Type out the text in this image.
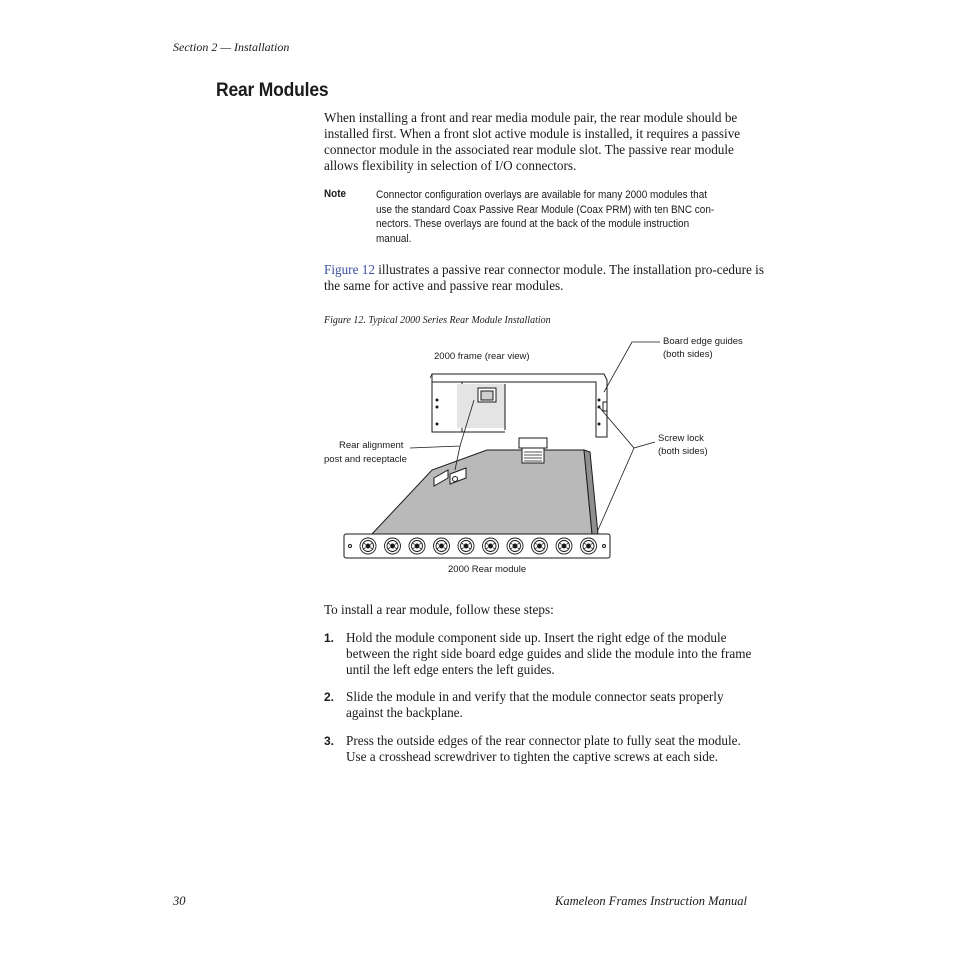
Section 2 — Installation
Rear Modules

When installing a front and rear media module pair, the rear module should be installed first. When a front slot active module is installed, it requires a passive connector module in the associated rear module slot. The passive rear module allows flexibility in selection of I/O connectors.

Note	Connector configuration overlays are available for many 2000 modules that use the standard Coax Passive Rear Module (Coax PRM) with ten BNC con-nectors. These overlays are found at the back of the module instruction manual.

Figure 12 illustrates a passive rear connector module. The installation pro-cedure is the same for active and passive rear modules.

Figure 12. Typical 2000 Series Rear Module Installation
2000 frame (rear view)
Board edge guides
(both sides)
Screw lock
(both sides)
Rear alignment
post and receptacle
2000 Rear module

To install a rear module, follow these steps:

1. Hold the module component side up. Insert the right edge of the module between the right side board edge guides and slide the module into the frame until the left edge enters the left guides.

2. Slide the module in and verify that the module connector seats properly against the backplane.

3. Press the outside edges of the rear connector plate to fully seat the module. Use a crosshead screwdriver to tighten the captive screws at each side.

30	Kameleon Frames Instruction Manual
